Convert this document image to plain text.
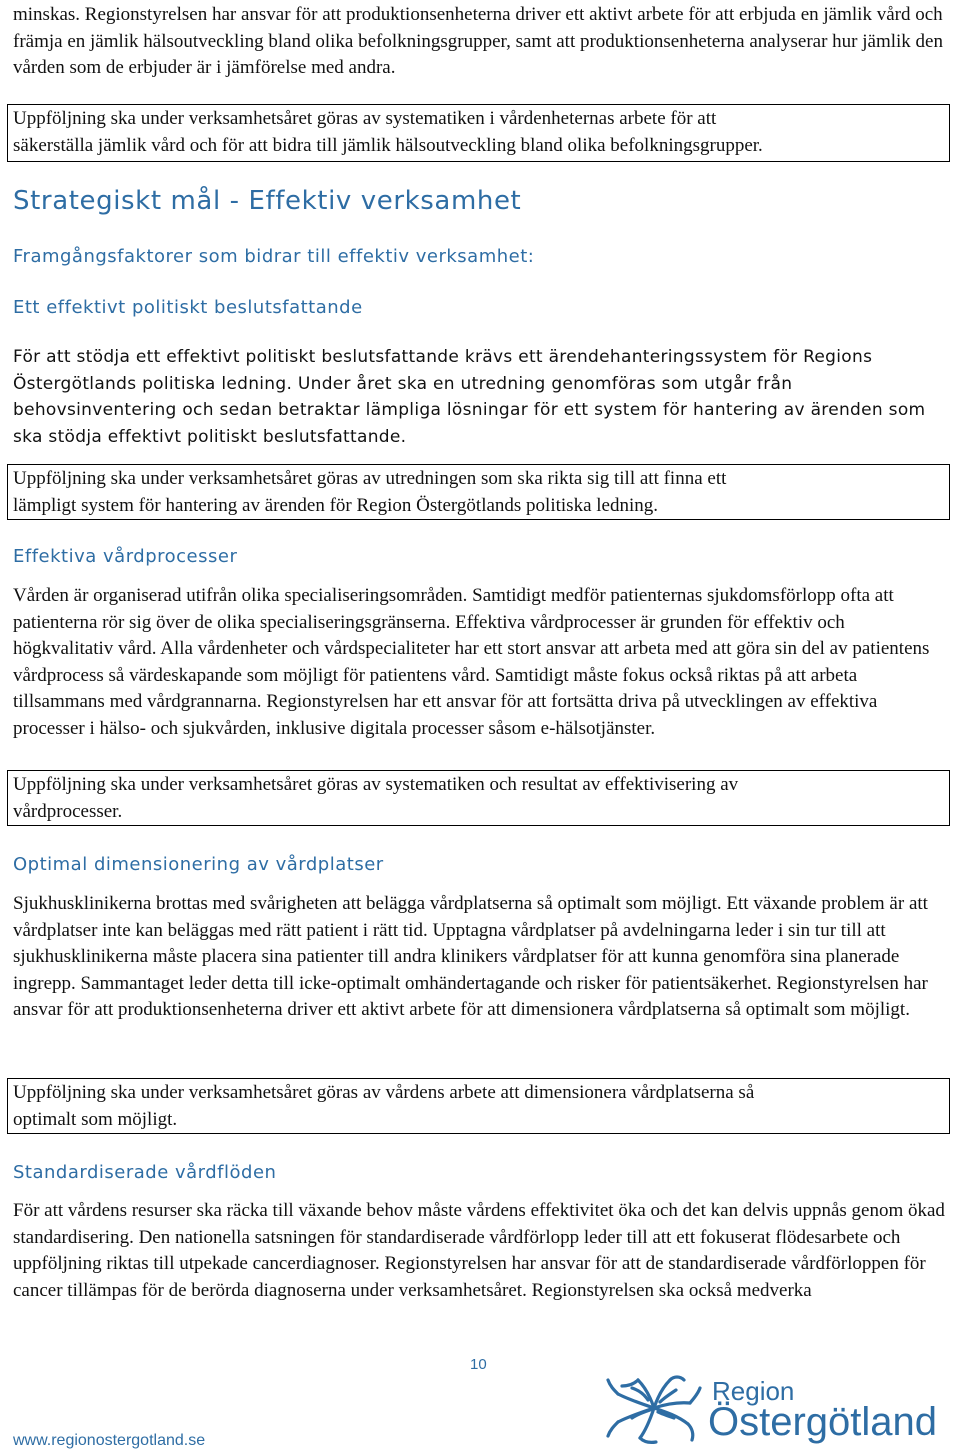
minskas. Regionstyrelsen har ansvar för att produktionsenheterna driver ett aktivt arbete för att erbjuda en jämlik vård och främja en jämlik hälsoutveckling bland olika befolkningsgrupper, samt att produktionsenheterna analyserar hur jämlik den vården som de erbjuder är i jämförelse med andra.

Uppföljning ska under verksamhetsåret göras av systematiken i vårdenheternas arbete för att
säkerställa jämlik vård och för att bidra till jämlik hälsoutveckling bland olika befolkningsgrupper.
Strategiskt mål - Effektiv verksamhet
Framgångsfaktorer som bidrar till effektiv verksamhet:
Ett effektivt politiskt beslutsfattande

För att stödja ett effektivt politiskt beslutsfattande krävs ett ärendehanteringssystem för Regions Östergötlands politiska ledning. Under året ska en utredning genomföras som utgår från behovsinventering och sedan betraktar lämpliga lösningar för ett system för hantering av ärenden som ska stödja effektivt politiskt beslutsfattande.

Uppföljning ska under verksamhetsåret göras av utredningen som ska rikta sig till att finna ett
lämpligt system för hantering av ärenden för Region Östergötlands politiska ledning.
Effektiva vårdprocesser

Vården är organiserad utifrån olika specialiseringsområden. Samtidigt medför patienternas sjukdomsförlopp ofta att patienterna rör sig över de olika specialiseringsgränserna. Effektiva vårdprocesser är grunden för effektiv och högkvalitativ vård. Alla vårdenheter och vårdspecialiteter har ett stort ansvar att arbeta med att göra sin del av patientens vårdprocess så värdeskapande som möjligt för patientens vård. Samtidigt måste fokus också riktas på att arbeta tillsammans med vårdgrannarna. Regionstyrelsen har ett ansvar för att fortsätta driva på utvecklingen av effektiva processer i hälso- och sjukvården, inklusive digitala processer såsom e-hälsotjänster.

Uppföljning ska under verksamhetsåret göras av systematiken och resultat av effektivisering av
vårdprocesser.
Optimal dimensionering av vårdplatser

Sjukhusklinikerna brottas med svårigheten att belägga vårdplatserna så optimalt som möjligt. Ett växande problem är att vårdplatser inte kan beläggas med rätt patient i rätt tid. Upptagna vårdplatser på avdelningarna leder i sin tur till att sjukhusklinikerna måste placera sina patienter till andra klinikers vårdplatser för att kunna genomföra sina planerade ingrepp. Sammantaget leder detta till icke-optimalt omhändertagande och risker för patientsäkerhet. Regionstyrelsen har ansvar för att produktionsenheterna driver ett aktivt arbete för att dimensionera vårdplatserna så optimalt som möjligt.

Uppföljning ska under verksamhetsåret göras av vårdens arbete att dimensionera vårdplatserna så
optimalt som möjligt.
Standardiserade vårdflöden

För att vårdens resurser ska räcka till växande behov måste vårdens effektivitet öka och det kan delvis uppnås genom ökad standardisering. Den nationella satsningen för standardiserade vårdförlopp leder till att ett fokuserat flödesarbete och uppföljning riktas till utpekade cancerdiagnoser. Regionstyrelsen har ansvar för att de standardiserade vårdförloppen för cancer tillämpas för de berörda diagnoserna under verksamhetsåret. Regionstyrelsen ska också medverka

10
www.regionostergotland.se
Region
Östergötland
